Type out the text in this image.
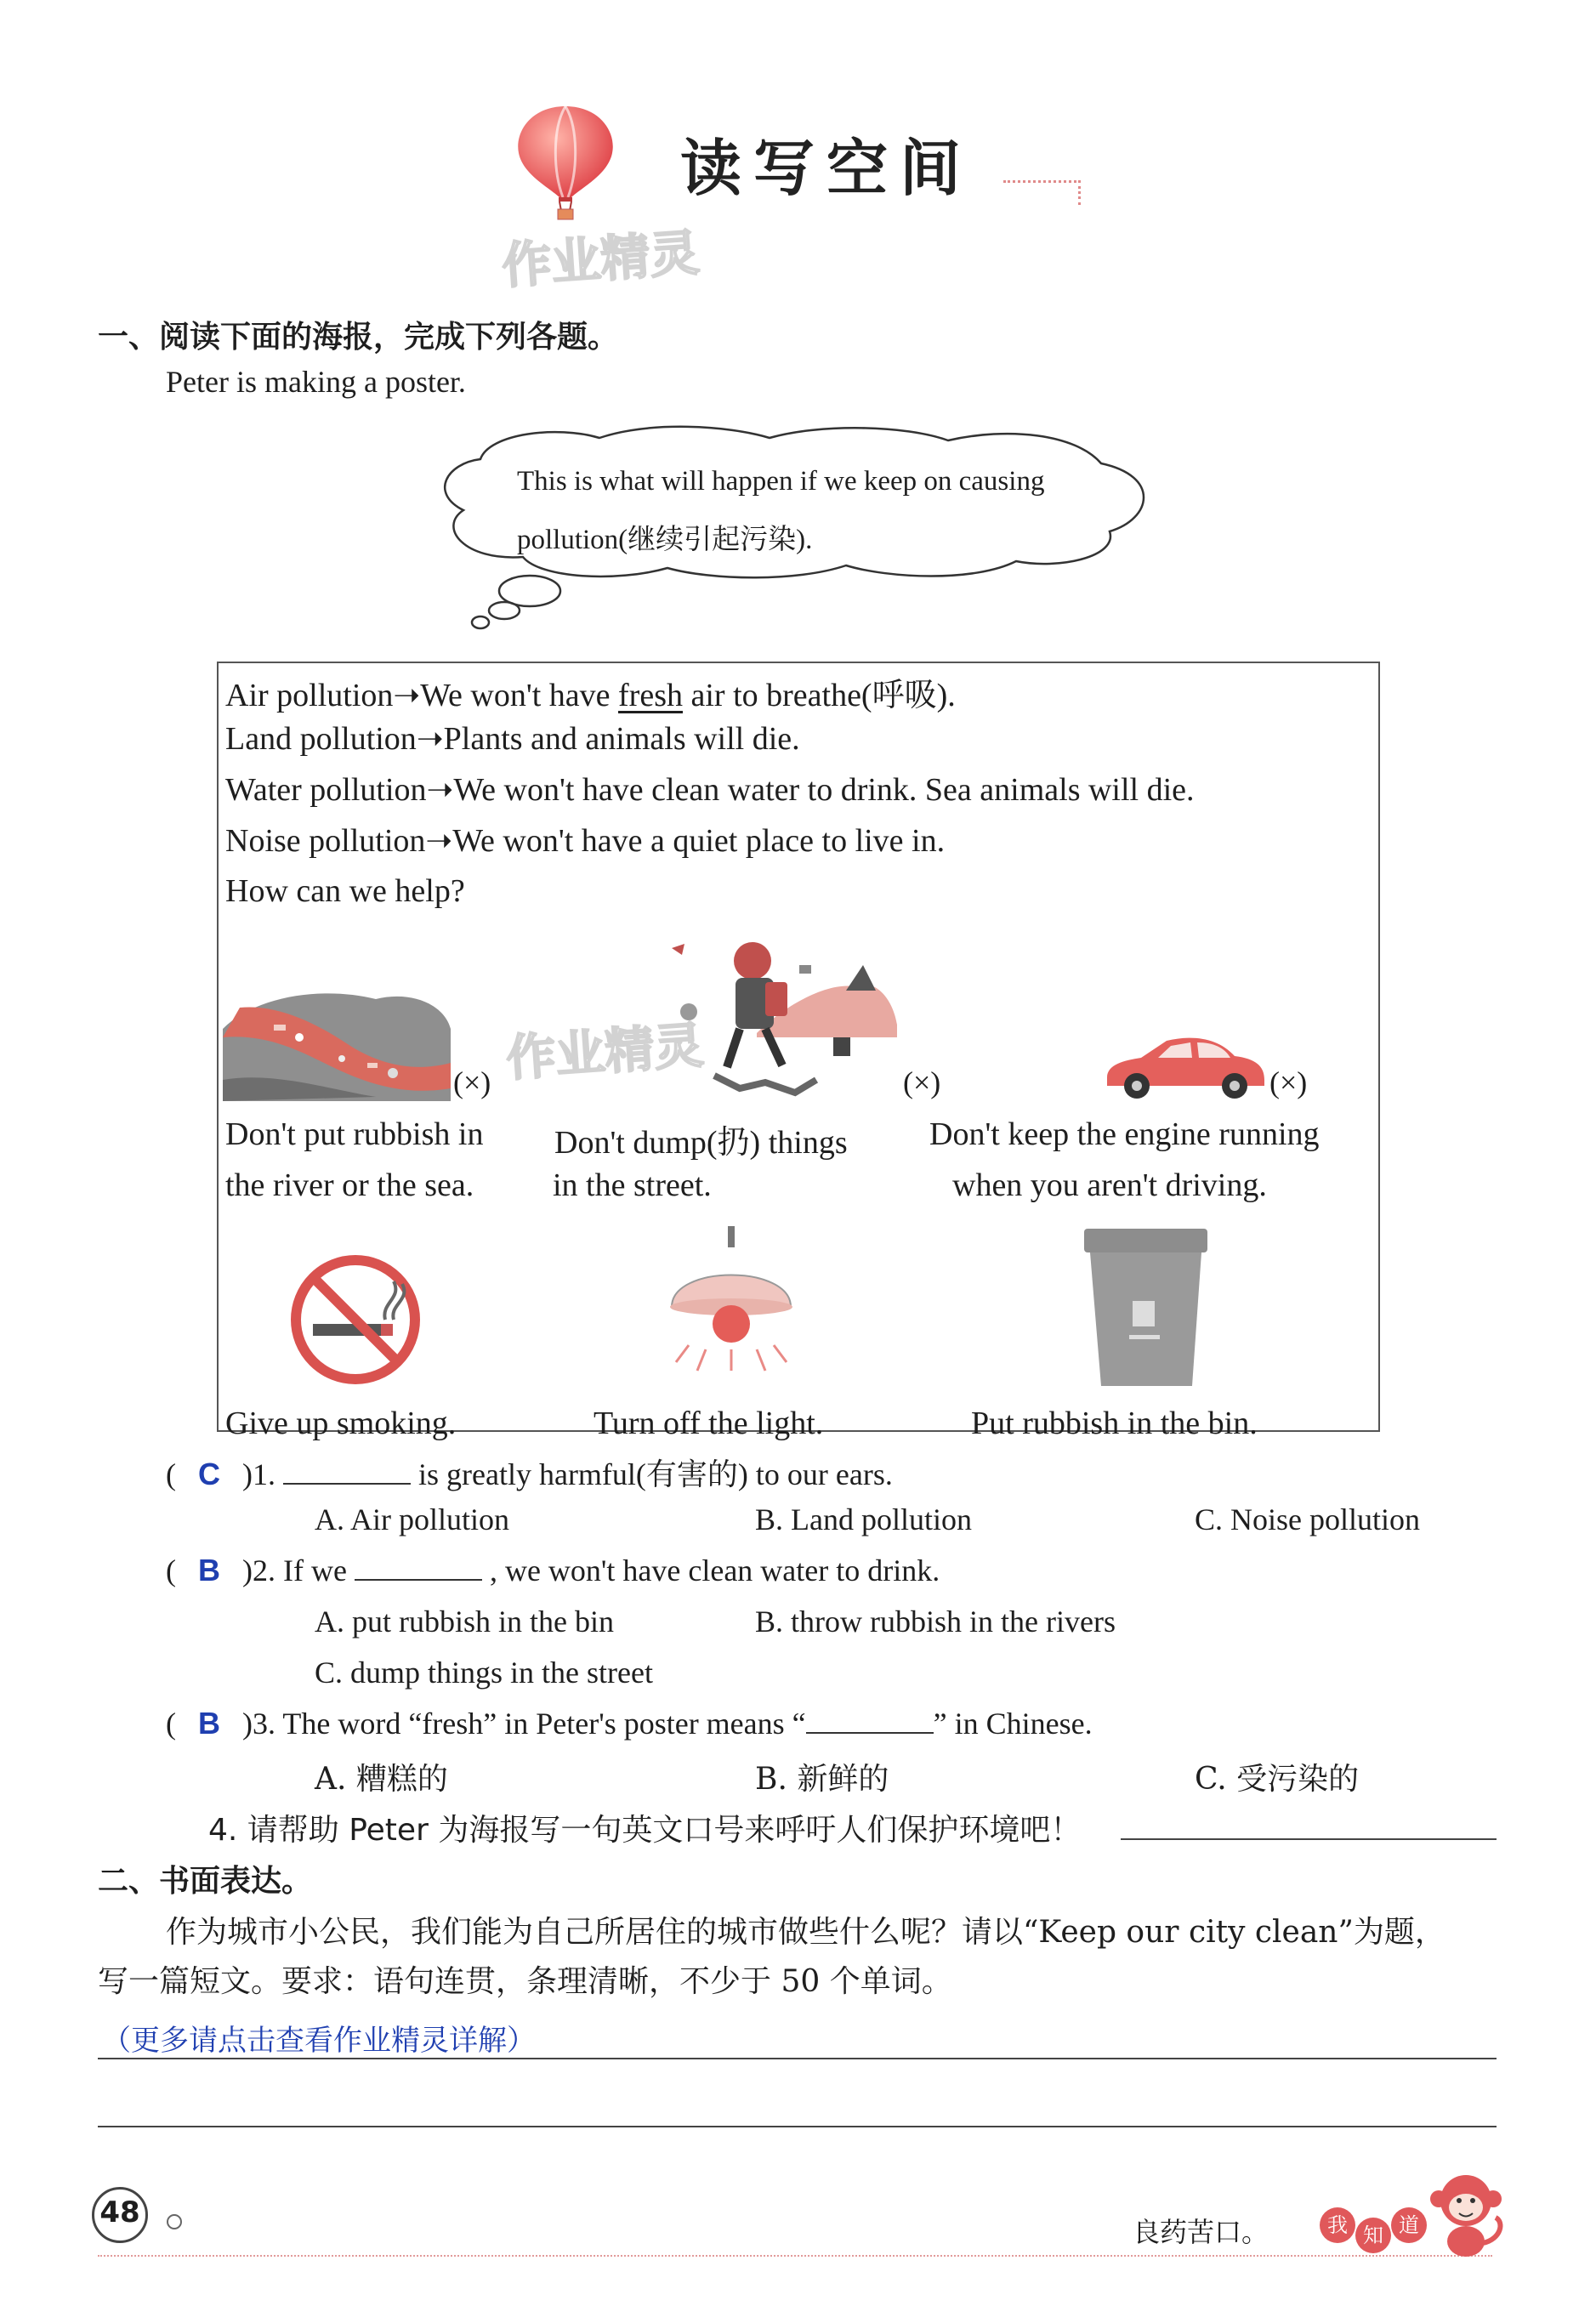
读写空间
作业精灵
一、阅读下面的海报，完成下列各题。
Peter is making a poster.
This is what will happen if we keep on causing
pollution(继续引起污染).
Air pollution➝We won't have fresh air to breathe(呼吸).
Land pollution➝Plants and animals will die.
Water pollution➝We won't have clean water to drink. Sea animals will die.
Noise pollution➝We won't have a quiet place to live in.
How can we help?
(×)	(×)	(×)
作业精灵
Don't put rubbish in
the river or the sea.
Don't dump(扔) things
in the street.
Don't keep the engine running
when you aren't driving.
Give up smoking.	Turn off the light.	Put rubbish in the bin.
( C )1.	is greatly harmful(有害的) to our ears.
A. Air pollution	B. Land pollution	C. Noise pollution
( B )2. If we	, we won't have clean water to drink.
A. put rubbish in the bin	B. throw rubbish in the rivers
C. dump things in the street
( B )3. The word “fresh” in Peter's poster means “	” in Chinese.
A. 糟糕的	B. 新鲜的	C. 受污染的
4. 请帮助 Peter 为海报写一句英文口号来呼吁人们保护环境吧！
二、书面表达。
作为城市小公民，我们能为自己所居住的城市做些什么呢？请以“Keep our city clean”为题，
写一篇短文。要求：语句连贯，条理清晰，不少于 50 个单词。
（更多请点击查看作业精灵详解）
48
良药苦口。	我 知 道
